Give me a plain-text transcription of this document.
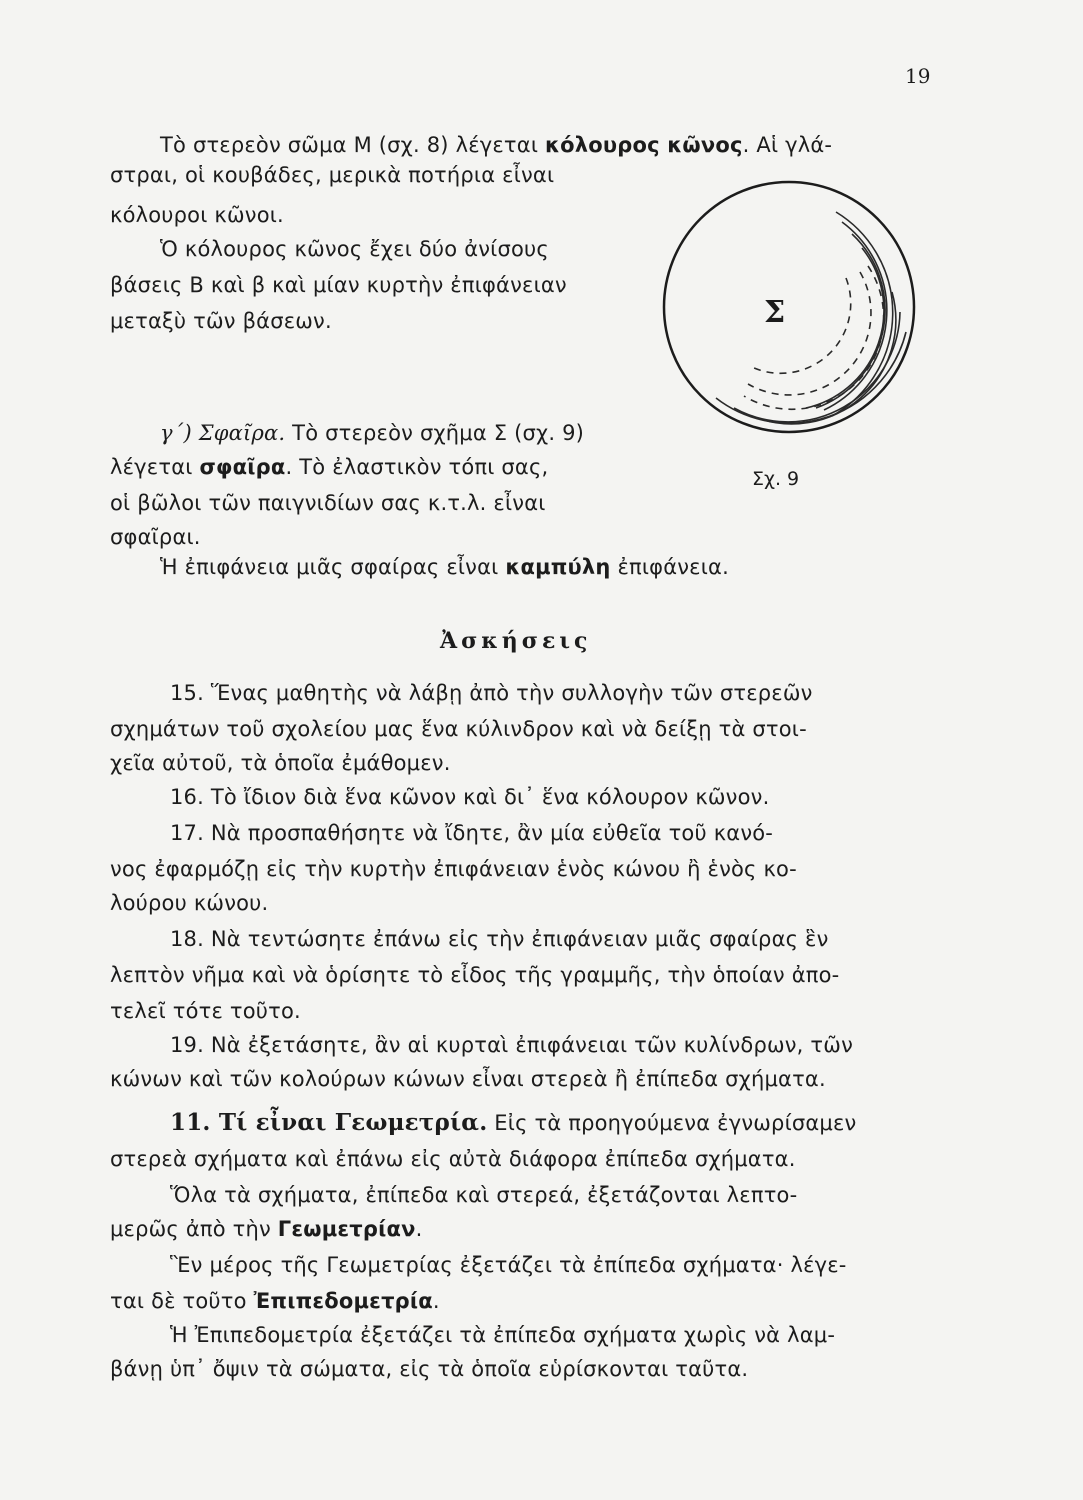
19
Τὸ στερεὸν σῶμα Μ (σχ. 8) λέγεται κόλουρος κῶνος . Αἱ γλά-
στραι, οἱ κουβάδες, μερικὰ ποτήρια εἶναι
κόλουροι κῶνοι.
Ὁ κόλουρος κῶνος ἔχει δύο ἀνίσους
βάσεις Β καὶ β καὶ μίαν κυρτὴν ἐπιφάνειαν
μεταξὺ τῶν βάσεων.
γ΄) Σφαῖρα. Τὸ στερεὸν σχῆμα Σ (σχ. 9)
λέγεται σφαῖρα . Τὸ ἐλαστικὸν τόπι σας,
οἱ βῶλοι τῶν παιγνιδίων σας κ.τ.λ. εἶναι
σφαῖραι.
Ἡ ἐπιφάνεια μιᾶς σφαίρας εἶναι καμπύλη ἐπιφάνεια.
Σ
Σχ. 9
Ἀσκήσεις
15. Ἕνας μαθητὴς νὰ λάβῃ ἀπὸ τὴν συλλογὴν τῶν στερεῶν
σχημάτων τοῦ σχολείου μας ἕνα κύλινδρον καὶ νὰ δείξῃ τὰ στοι-
χεῖα αὐτοῦ, τὰ ὁποῖα ἐμάθομεν.
16. Τὸ ἴδιον διὰ ἕνα κῶνον καὶ δι᾽ ἕνα κόλουρον κῶνον.
17. Νὰ προσπαθήσητε νὰ ἴδητε, ἂν μία εὐθεῖα τοῦ κανό-
νος ἐφαρμόζῃ εἰς τὴν κυρτὴν ἐπιφάνειαν ἑνὸς κώνου ἢ ἑνὸς κο-
λούρου κώνου.
18. Νὰ τεντώσητε ἐπάνω εἰς τὴν ἐπιφάνειαν μιᾶς σφαίρας ἓν
λεπτὸν νῆμα καὶ νὰ ὁρίσητε τὸ εἶδος τῆς γραμμῆς, τὴν ὁποίαν ἀπο-
τελεῖ τότε τοῦτο.
19. Νὰ ἐξετάσητε, ἂν αἱ κυρταὶ ἐπιφάνειαι τῶν κυλίνδρων, τῶν
κώνων καὶ τῶν κολούρων κώνων εἶναι στερεὰ ἢ ἐπίπεδα σχήματα.
11. Τί εἶναι Γεωμετρία. Εἰς τὰ προηγούμενα ἐγνωρίσαμεν
στερεὰ σχήματα καὶ ἐπάνω εἰς αὐτὰ διάφορα ἐπίπεδα σχήματα.
Ὅλα τὰ σχήματα, ἐπίπεδα καὶ στερεά, ἐξετάζονται λεπτο-
μερῶς ἀπὸ τὴν Γεωμετρίαν .
Ἓν μέρος τῆς Γεωμετρίας ἐξετάζει τὰ ἐπίπεδα σχήματα· λέγε-
ται δὲ τοῦτο Ἐπιπεδομετρία .
Ἡ Ἐπιπεδομετρία ἐξετάζει τὰ ἐπίπεδα σχήματα χωρὶς νὰ λαμ-
βάνῃ ὑπ᾽ ὄψιν τὰ σώματα, εἰς τὰ ὁποῖα εὑρίσκονται ταῦτα.
